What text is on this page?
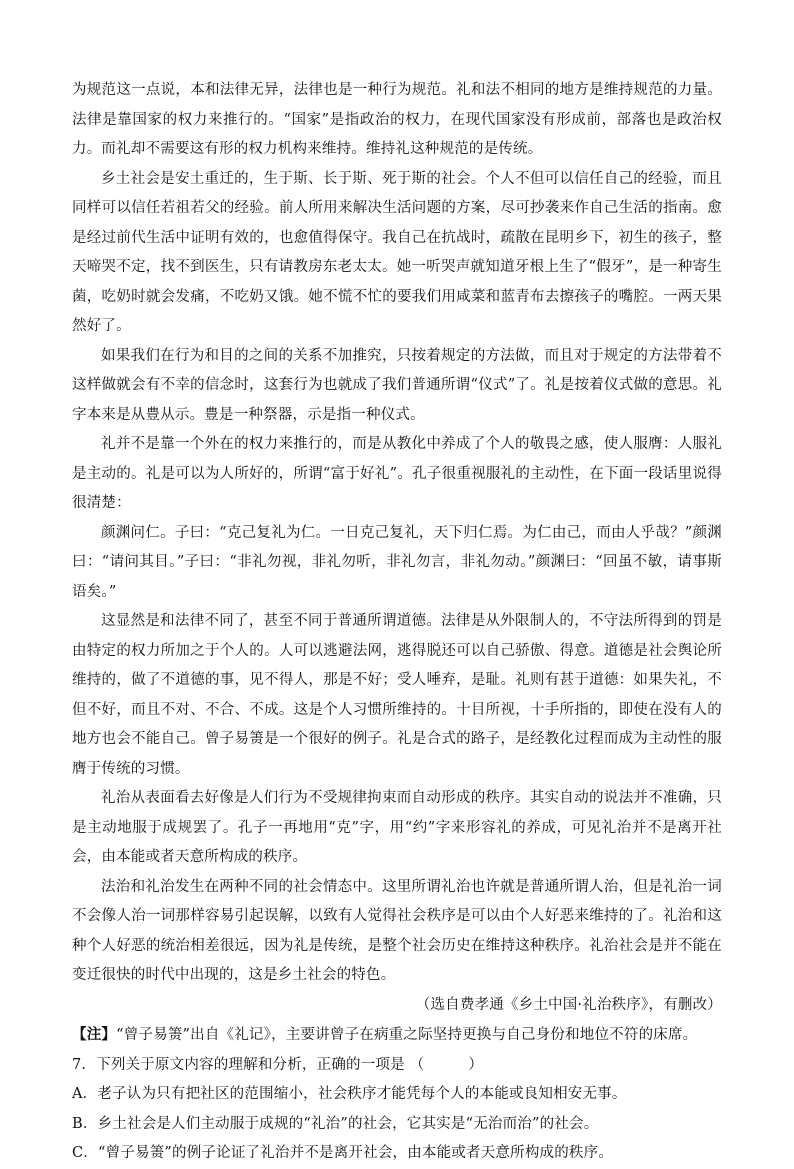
为规范这一点说，本和法律无异，法律也是一种行为规范。礼和法不相同的地方是维持规范的力量。法律是靠国家的权力来推行的。“国家”是指政治的权力，在现代国家没有形成前，部落也是政治权力。而礼却不需要这有形的权力机构来维持。维持礼这种规范的是传统。

乡土社会是安土重迁的，生于斯、长于斯、死于斯的社会。个人不但可以信任自己的经验，而且同样可以信任若祖若父的经验。前人所用来解决生活问题的方案，尽可抄袭来作自己生活的指南。愈是经过前代生活中证明有效的，也愈值得保守。我自己在抗战时，疏散在昆明乡下，初生的孩子，整天啼哭不定，找不到医生，只有请教房东老太太。她一听哭声就知道牙根上生了“假牙”，是一种寄生菌，吃奶时就会发痛，不吃奶又饿。她不慌不忙的要我们用咸菜和蓝青布去擦孩子的嘴腔。一两天果然好了。

如果我们在行为和目的之间的关系不加推究，只按着规定的方法做，而且对于规定的方法带着不这样做就会有不幸的信念时，这套行为也就成了我们普通所谓“仪式”了。礼是按着仪式做的意思。礼字本来是从豊从示。豊是一种祭器，示是指一种仪式。

礼并不是靠一个外在的权力来推行的，而是从教化中养成了个人的敬畏之感，使人服膺：人服礼是主动的。礼是可以为人所好的，所谓“富于好礼”。孔子很重视服礼的主动性，在下面一段话里说得很清楚：

颜渊问仁。子曰：“克己复礼为仁。一日克己复礼，天下归仁焉。为仁由己，而由人乎哉？”颜渊曰：“请问其目。”子曰：“非礼勿视，非礼勿听，非礼勿言，非礼勿动。”颜渊曰：“回虽不敏，请事斯语矣。”

这显然是和法律不同了，甚至不同于普通所谓道德。法律是从外限制人的，不守法所得到的罚是由特定的权力所加之于个人的。人可以逃避法网，逃得脱还可以自己骄傲、得意。道德是社会舆论所维持的，做了不道德的事，见不得人，那是不好；受人唾弃，是耻。礼则有甚于道德：如果失礼，不但不好，而且不对、不合、不成。这是个人习惯所维持的。十目所视，十手所指的，即使在没有人的地方也会不能自己。曾子易箦是一个很好的例子。礼是合式的路子，是经教化过程而成为主动性的服膺于传统的习惯。

礼治从表面看去好像是人们行为不受规律拘束而自动形成的秩序。其实自动的说法并不准确，只是主动地服于成规罢了。孔子一再地用“克”字，用“约”字来形容礼的养成，可见礼治并不是离开社会，由本能或者天意所构成的秩序。

法治和礼治发生在两种不同的社会情态中。这里所谓礼治也许就是普通所谓人治，但是礼治一词不会像人治一词那样容易引起误解，以致有人觉得社会秩序是可以由个人好恶来维持的了。礼治和这种个人好恶的统治相差很远，因为礼是传统，是整个社会历史在维持这种秩序。礼治社会是并不能在变迁很快的时代中出现的，这是乡土社会的特色。

（选自费孝通《乡土中国·礼治秩序》，有删改）

【注】“曾子易箦”出自《礼记》，主要讲曾子在病重之际坚持更换与自己身份和地位不符的床席。

7．下列关于原文内容的理解和分析，正确的一项是 （　　　）

A．老子认为只有把社区的范围缩小，社会秩序才能凭每个人的本能或良知相安无事。

B．乡土社会是人们主动服于成规的“礼治”的社会，它其实是“无治而治”的社会。

C．“曾子易箦”的例子论证了礼治并不是离开社会，由本能或者天意所构成的秩序。
